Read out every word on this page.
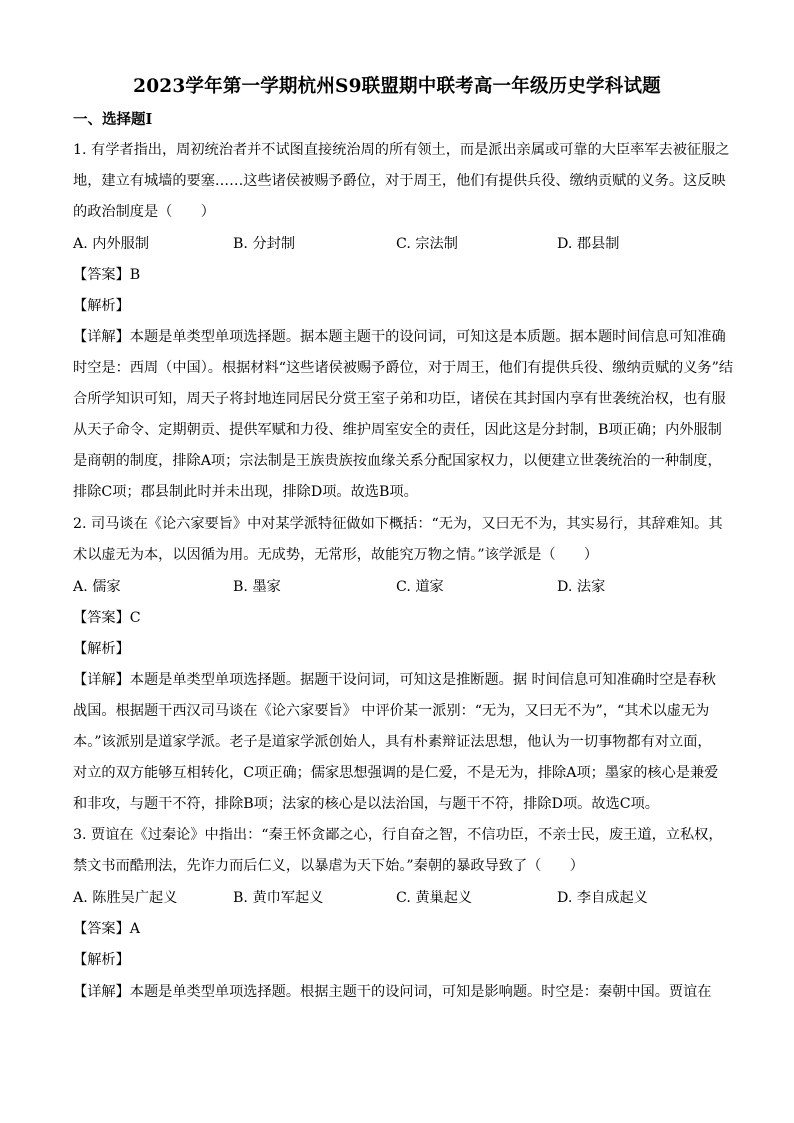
2023学年第一学期杭州S9联盟期中联考高一年级历史学科试题
一、选择题Ⅰ
1. 有学者指出，周初统治者并不试图直接统治周的所有领土，而是派出亲属或可靠的大臣率军去被征服之
地，建立有城墙的要塞……这些诸侯被赐予爵位，对于周王，他们有提供兵役、缴纳贡赋的义务。这反映
的政治制度是（　　）
A. 内外服制	B. 分封制	C. 宗法制	D. 郡县制
【答案】B
【解析】
【详解】本题是单类型单项选择题。据本题主题干的设问词，可知这是本质题。据本题时间信息可知准确
时空是：西周（中国）。根据材料“这些诸侯被赐予爵位，对于周王，他们有提供兵役、缴纳贡赋的义务”结
合所学知识可知，周天子将封地连同居民分赏王室子弟和功臣，诸侯在其封国内享有世袭统治权，也有服
从天子命令、定期朝贡、提供军赋和力役、维护周室安全的责任，因此这是分封制，B项正确；内外服制
是商朝的制度，排除A项；宗法制是王族贵族按血缘关系分配国家权力，以便建立世袭统治的一种制度，
排除C项；郡县制此时并未出现，排除D项。故选B项。
2. 司马谈在《论六家要旨》中对某学派特征做如下概括：“无为，又曰无不为，其实易行，其辞难知。其
术以虚无为本，以因循为用。无成势，无常形，故能究万物之情。”该学派是（　　）
A. 儒家	B. 墨家	C. 道家	D. 法家
【答案】C
【解析】
【详解】本题是单类型单项选择题。据题干设问词，可知这是推断题。据 时间信息可知准确时空是春秋
战国。根据题干西汉司马谈在《论六家要旨》 中评价某一派别：“无为，又曰无不为”，“其术以虚无为
本。”该派别是道家学派。老子是道家学派创始人，具有朴素辩证法思想，他认为一切事物都有对立面，
对立的双方能够互相转化，C项正确；儒家思想强调的是仁爱，不是无为，排除A项；墨家的核心是兼爱
和非攻，与题干不符，排除B项；法家的核心是以法治国，与题干不符，排除D项。故选C项。
3. 贾谊在《过秦论》中指出：“秦王怀贪鄙之心，行自奋之智，不信功臣，不亲士民，废王道，立私权，
禁文书而酷刑法，先诈力而后仁义，以暴虐为天下始。”秦朝的暴政导致了（　　）
A. 陈胜吴广起义	B. 黄巾军起义	C. 黄巢起义	D. 李自成起义
【答案】A
【解析】
【详解】本题是单类型单项选择题。根据主题干的设问词，可知是影响题。时空是：秦朝中国。贾谊在
